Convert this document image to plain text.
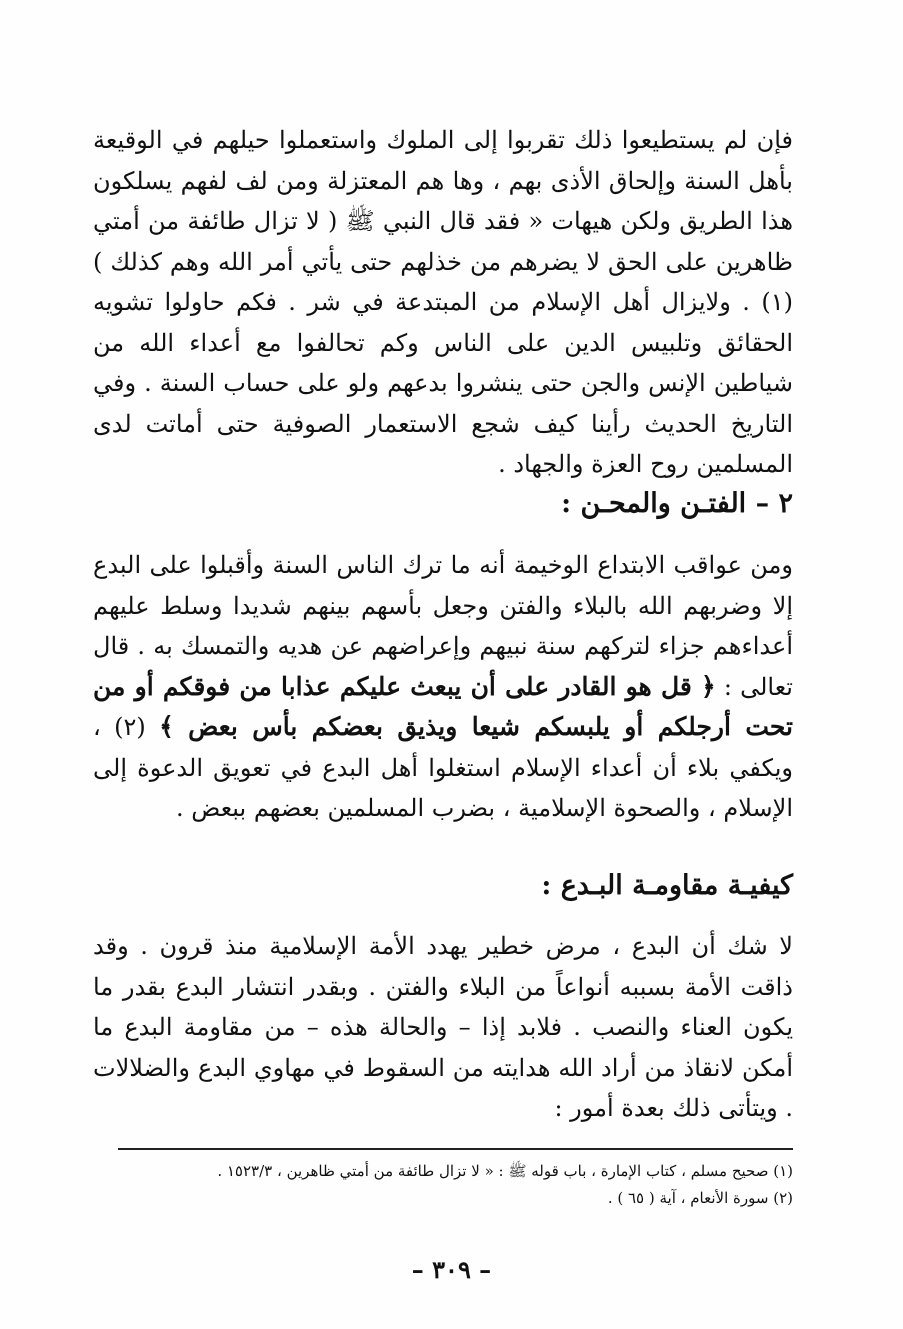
فإن لم يستطيعوا ذلك تقربوا إلى الملوك واستعملوا حيلهم في الوقيعة بأهل السنة وإلحاق الأذى بهم ، وها هم المعتزلة ومن لف لفهم يسلكون هذا الطريق ولكن هيهات « فقد قال النبي ﷺ ( لا تزال طائفة من أمتي ظاهرين على الحق لا يضرهم من خذلهم حتى يأتي أمر الله وهم كذلك ) (١) . ولايزال أهل الإسلام من المبتدعة في شر . فكم حاولوا تشويه الحقائق وتلبيس الدين على الناس وكم تحالفوا مع أعداء الله من شياطين الإنس والجن حتى ينشروا بدعهم ولو على حساب السنة . وفي التاريخ الحديث رأينا كيف شجع الاستعمار الصوفية حتى أماتت لدى المسلمين روح العزة والجهاد .
٢ – الفتـن والمحـن :
ومن عواقب الابتداع الوخيمة أنه ما ترك الناس السنة وأقبلوا على البدع إلا وضربهم الله بالبلاء والفتن وجعل بأسهم بينهم شديدا وسلط عليهم أعداءهم جزاء لتركهم سنة نبيهم وإعراضهم عن هديه والتمسك به . قال تعالى : ﴿ قل هو القادر على أن يبعث عليكم عذابا من فوقكم أو من تحت أرجلكم أو يلبسكم شيعا ويذيق بعضكم بأس بعض ﴾ (٢) ، ويكفي بلاء أن أعداء الإسلام استغلوا أهل البدع في تعويق الدعوة إلى الإسلام ، والصحوة الإسلامية ، بضرب المسلمين بعضهم ببعض .
كيفيـة مقاومـة البـدع :
لا شك أن البدع ، مرض خطير يهدد الأمة الإسلامية منذ قرون . وقد ذاقت الأمة بسببه أنواعاً من البلاء والفتن . وبقدر انتشار البدع بقدر ما يكون العناء والنصب . فلابد إذا – والحالة هذه – من مقاومة البدع ما أمكن لانقاذ من أراد الله هدايته من السقوط في مهاوي البدع والضلالات . ويتأتى ذلك بعدة أمور :
(١) صحيح مسلم ، كتاب الإمارة ، باب قوله ﷺ : « لا تزال طائفة من أمتي ظاهرين ، ١٥٢٣/٣ .
(٢) سورة الأنعام ، آية ( ٦٥ ) .
– ٣٠٩ –
